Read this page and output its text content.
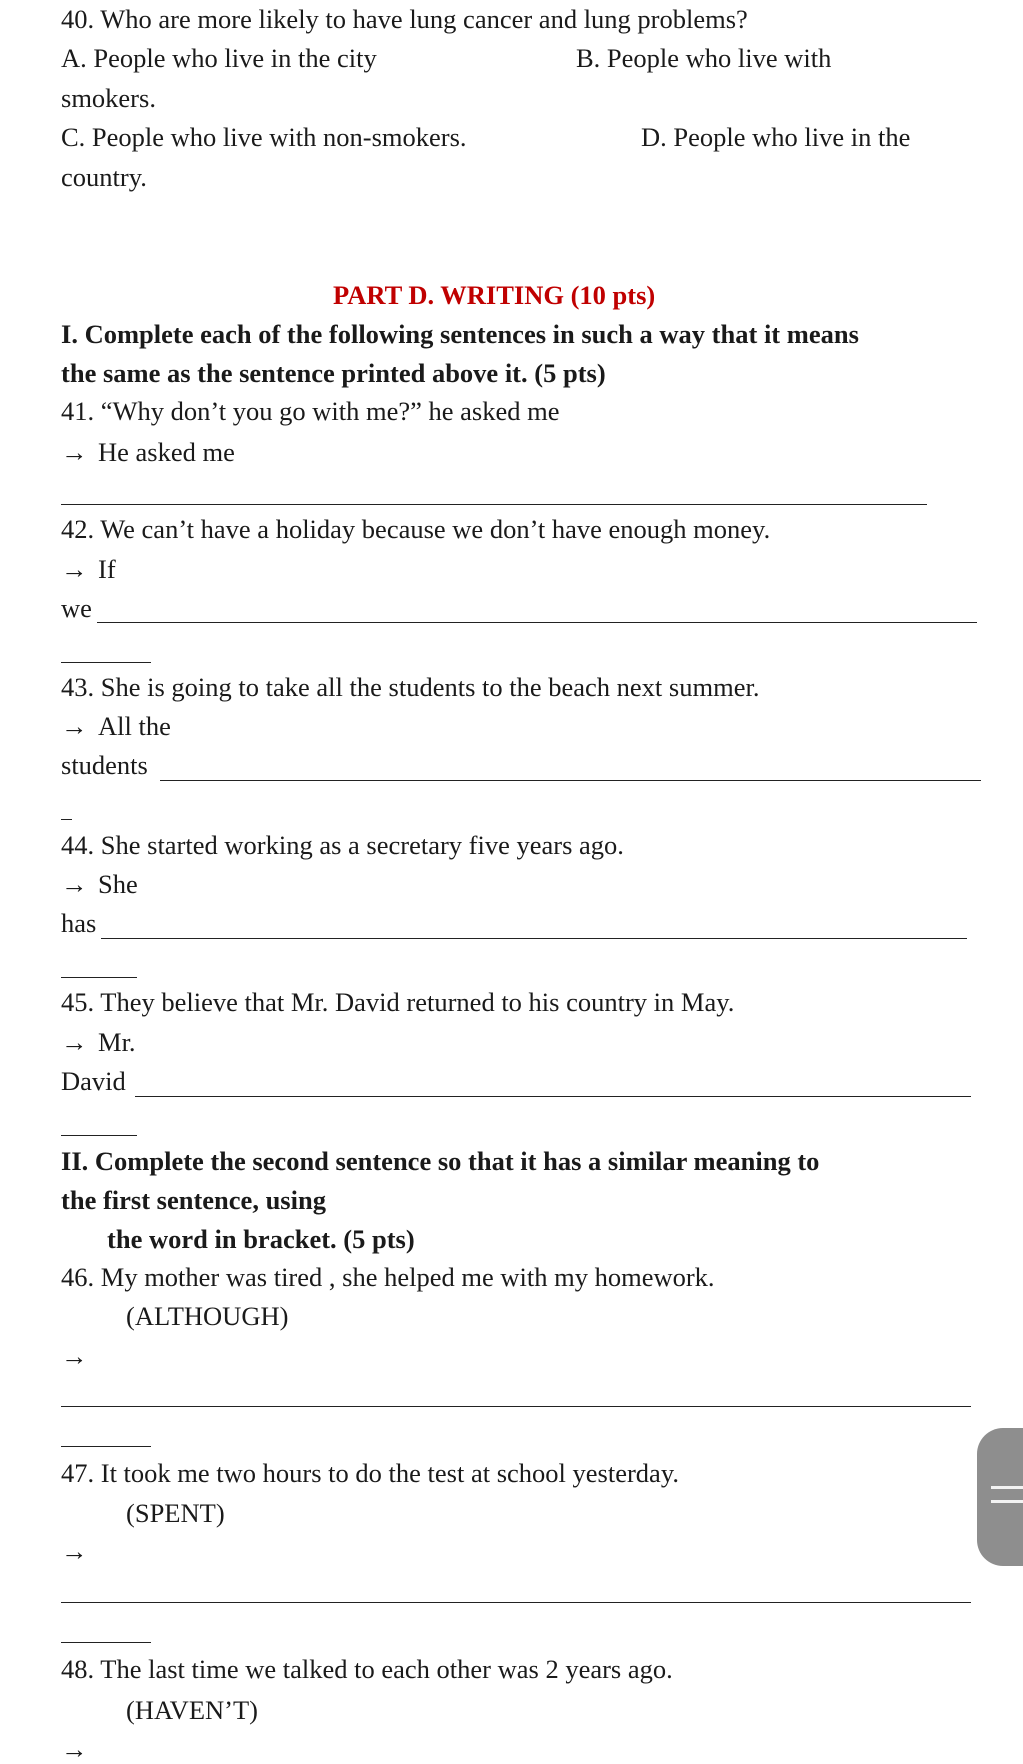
40. Who are more likely to have lung cancer and lung problems?
A. People who live in the city	B. People who live with
smokers.
C. People who live with non-smokers.	D. People who live in the
country.
PART D. WRITING (10 pts)
I. Complete each of the following sentences in such a way that it means
the same as the sentence printed above it. (5 pts)
41. “Why don’t you go with me?” he asked me
→ He asked me
42. We can’t have a holiday because we don’t have enough money.
→ If
we
43. She is going to take all the students to the beach next summer.
→ All the
students
44. She started working as a secretary five years ago.
→ She
has
45. They believe that Mr. David returned to his country in May.
→ Mr.
David
II. Complete the second sentence so that it has a similar meaning to
the first sentence, using
the word in bracket. (5 pts)
46. My mother was tired , she helped me with my homework.
(ALTHOUGH)
→
47. It took me two hours to do the test at school yesterday.
(SPENT)
→
48. The last time we talked to each other was 2 years ago.
(HAVEN’T)
→
